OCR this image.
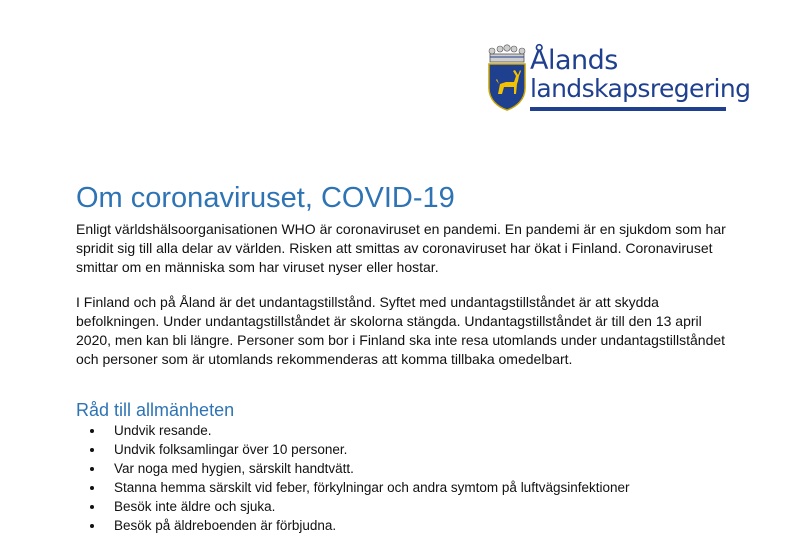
Ålands
landskapsregering
Om coronaviruset, COVID-19

Enligt världshälsoorganisationen WHO är coronaviruset en pandemi. En pandemi är en sjukdom som har spridit sig till alla delar av världen. Risken att smittas av coronaviruset har ökat i Finland. Coronaviruset smittar om en människa som har viruset nyser eller hostar.

I Finland och på Åland är det undantagstillstånd. Syftet med undantagstillståndet är att skydda befolkningen. Under undantagstillståndet är skolorna stängda. Undantagstillståndet är till den 13 april 2020, men kan bli längre. Personer som bor i Finland ska inte resa utomlands under undantagstillståndet och personer som är utomlands rekommenderas att komma tillbaka omedelbart.

Råd till allmänheten
Undvik resande.
Undvik folksamlingar över 10 personer.
Var noga med hygien, särskilt handtvätt.
Stanna hemma särskilt vid feber, förkylningar och andra symtom på luftvägsinfektioner
Besök inte äldre och sjuka.
Besök på äldreboenden är förbjudna.
